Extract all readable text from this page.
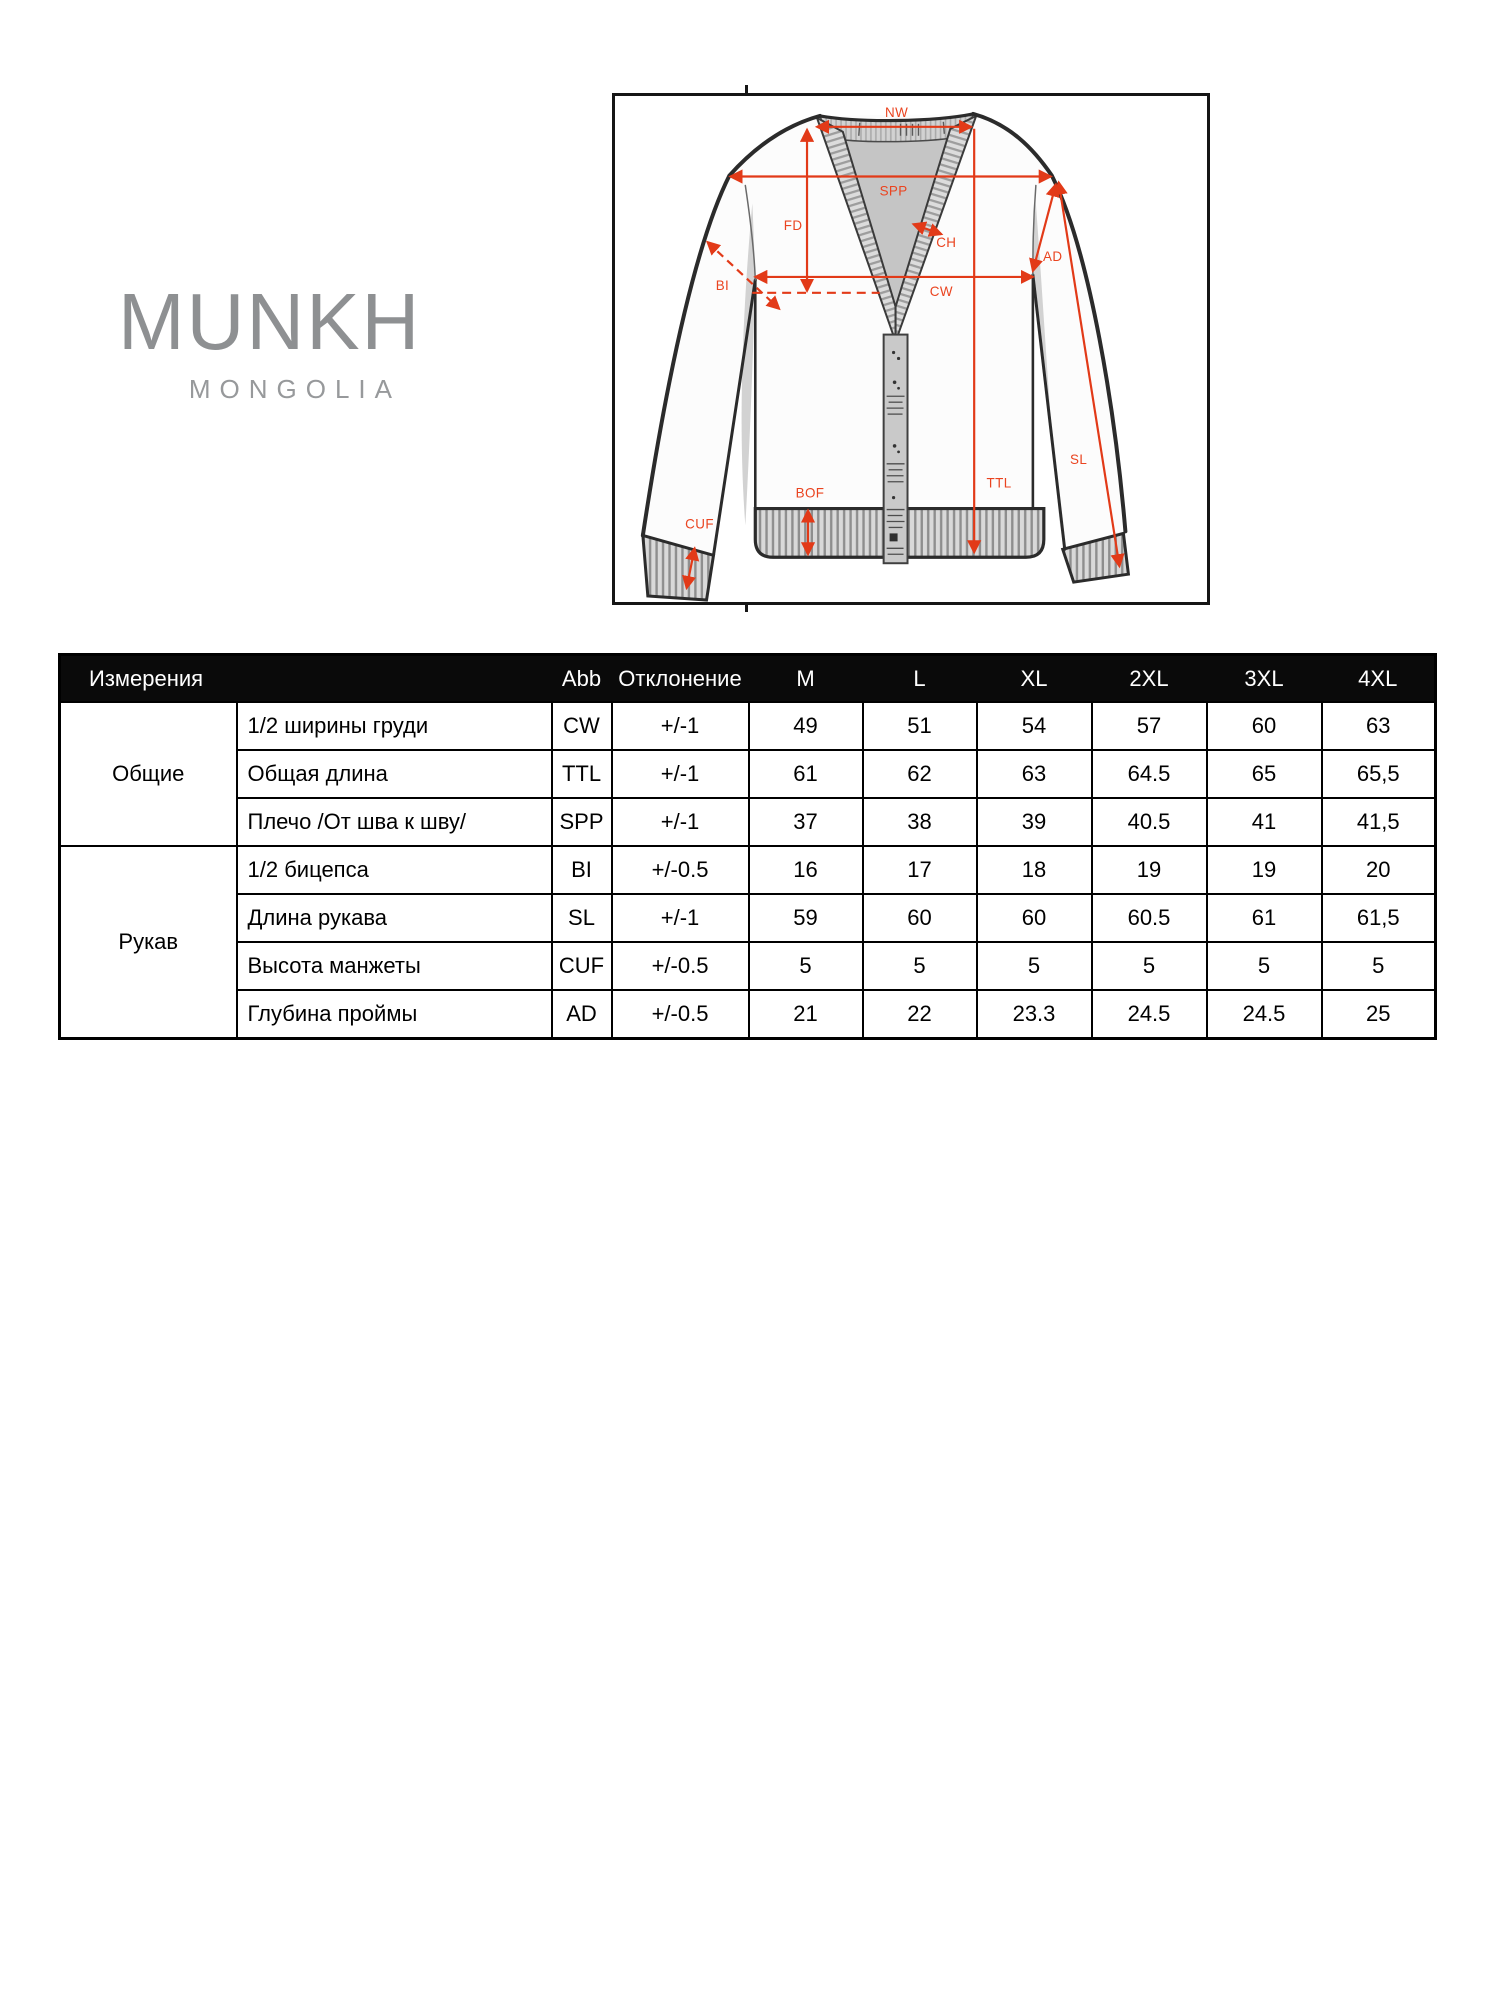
MUNKH
MONGOLIA
NW
SPP
FD
CH
CW
BI
AD
TTL
SL
BOF
CUF
Измерения		Abb	Отклонение	M	L	XL	2XL	3XL	4XL
Общие	1/2 ширины груди	CW	+/-1	49	51	54	57	60	63
	Общая длина	TTL	+/-1	61	62	63	64.5	65	65,5
	Плечо /От шва к шву/	SPP	+/-1	37	38	39	40.5	41	41,5
Рукав	1/2 бицепса	BI	+/-0.5	16	17	18	19	19	20
	Длина рукава	SL	+/-1	59	60	60	60.5	61	61,5
	Высота манжеты	CUF	+/-0.5	5	5	5	5	5	5
	Глубина проймы	AD	+/-0.5	21	22	23.3	24.5	24.5	25
